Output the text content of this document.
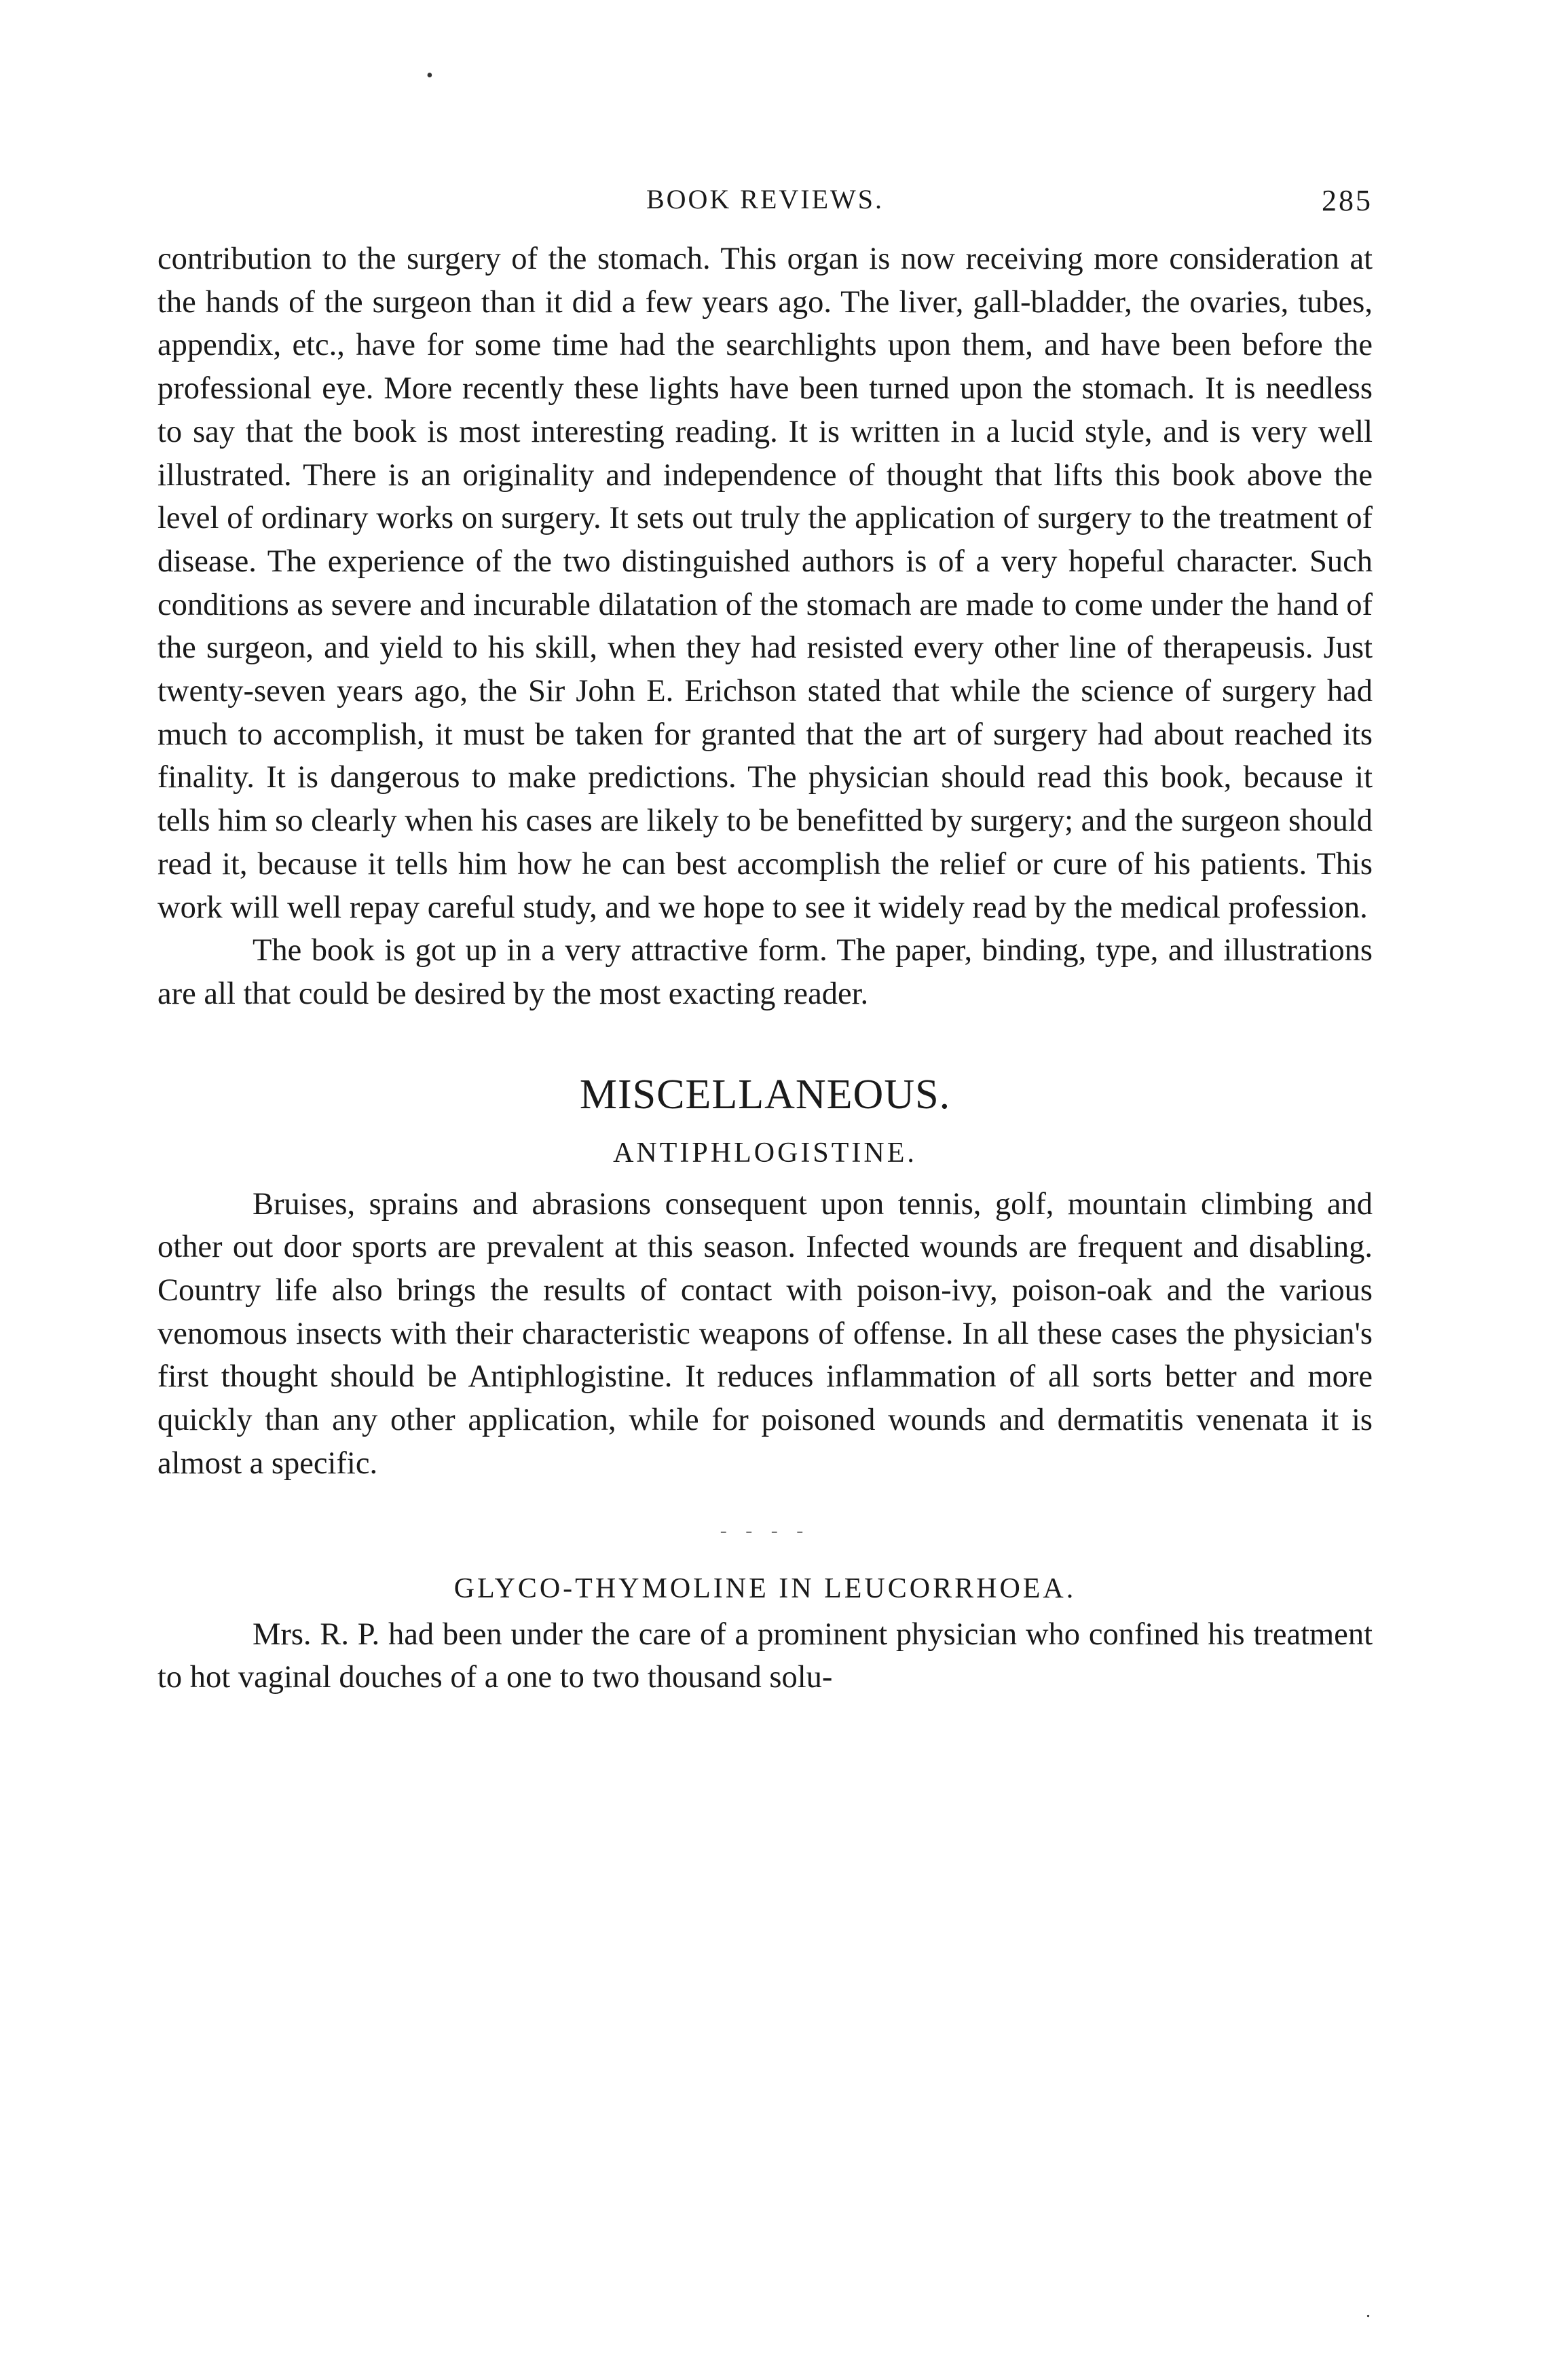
•
BOOK REVIEWS.	285

contribution to the surgery of the stomach. This organ is now receiving more consideration at the hands of the surgeon than it did a few years ago. The liver, gall-bladder, the ovaries, tubes, appendix, etc., have for some time had the searchlights upon them, and have been before the professional eye. More recently these lights have been turned upon the stomach. It is needless to say that the book is most interesting reading. It is written in a lucid style, and is very well illustrated. There is an originality and independence of thought that lifts this book above the level of ordinary works on surgery. It sets out truly the application of surgery to the treatment of disease. The experience of the two distinguished authors is of a very hopeful character. Such conditions as severe and incurable dilatation of the stomach are made to come under the hand of the surgeon, and yield to his skill, when they had resisted every other line of therapeusis. Just twenty-seven years ago, the Sir John E. Erichson stated that while the science of surgery had much to accomplish, it must be taken for granted that the art of surgery had about reached its finality. It is dangerous to make predictions. The physician should read this book, because it tells him so clearly when his cases are likely to be benefitted by surgery; and the surgeon should read it, because it tells him how he can best accomplish the relief or cure of his patients. This work will well repay careful study, and we hope to see it widely read by the medical profession.

The book is got up in a very attractive form. The paper, binding, type, and illustrations are all that could be desired by the most exacting reader.

MISCELLANEOUS.
ANTIPHLOGISTINE.

Bruises, sprains and abrasions consequent upon tennis, golf, mountain climbing and other out door sports are prevalent at this season. Infected wounds are frequent and disabling. Country life also brings the results of contact with poison-ivy, poison-oak and the various venomous insects with their characteristic weapons of offense. In all these cases the physician's first thought should be Antiphlogistine. It reduces inflammation of all sorts better and more quickly than any other application, while for poisoned wounds and dermatitis venenata it is almost a specific.

- - - -
GLYCO-THYMOLINE IN LEUCORRHOEA.

Mrs. R. P. had been under the care of a prominent physician who confined his treatment to hot vaginal douches of a one to two thousand solu-

.
